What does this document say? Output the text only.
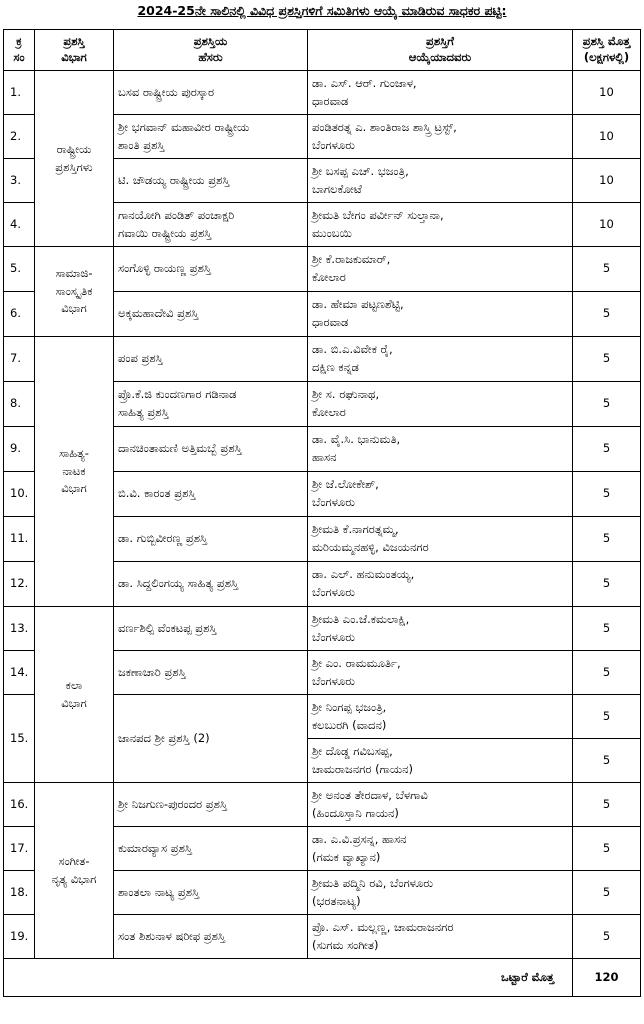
2024-25ನೇ ಸಾಲಿನಲ್ಲಿ ವಿವಿಧ ಪ್ರಶಸ್ತಿಗಳಿಗೆ ಸಮಿತಿಗಳು ಆಯ್ಕೆ ಮಾಡಿರುವ ಸಾಧಕರ ಪಟ್ಟಿ:
ಕ್ರ
ಸಂ	ಪ್ರಶಸ್ತಿ
ವಿಭಾಗ	ಪ್ರಶಸ್ತಿಯ
ಹೆಸರು	ಪ್ರಶಸ್ತಿಗೆ
ಆಯ್ಕೆಯಾದವರು	ಪ್ರಶಸ್ತಿ ಮೊತ್ತ
(ಲಕ್ಷಗಳಲ್ಲಿ)
1.	ರಾಷ್ಟ್ರೀಯ
ಪ್ರಶಸ್ತಿಗಳು	ಬಸವ ರಾಷ್ಟ್ರೀಯ ಪುರಸ್ಕಾರ	ಡಾ. ಎಸ್. ಆರ್. ಗುಂಜಾಳ,
ಧಾರವಾಡ	10
2.		ಶ್ರೀ ಭಗವಾನ್ ಮಹಾವೀರ ರಾಷ್ಟ್ರೀಯ
ಶಾಂತಿ ಪ್ರಶಸ್ತಿ	ಪಂಡಿತರತ್ನ ಎ. ಶಾಂತಿರಾಜ ಶಾಸ್ತ್ರಿ ಟ್ರಸ್ಟ್,
ಬೆಂಗಳೂರು	10
3.		ಟಿ. ಚೌಡಯ್ಯ ರಾಷ್ಟ್ರೀಯ ಪ್ರಶಸ್ತಿ	ಶ್ರೀ ಬಸಪ್ಪ ಎಚ್. ಭಜಂತ್ರಿ,
ಬಾಗಲಕೋಟೆ	10
4.		ಗಾನಯೋಗಿ ಪಂಡಿತ್ ಪಂಚಾಕ್ಷರಿ
ಗವಾಯಿ ರಾಷ್ಟ್ರೀಯ ಪ್ರಶಸ್ತಿ	ಶ್ರೀಮತಿ ಬೇಗಂ ಪರ್ವೀನ್ ಸುಲ್ತಾನಾ,
ಮುಂಬಯಿ	10
5.	ಸಾಮಾಜಿ-
ಸಾಂಸ್ಕೃತಿಕ
ವಿಭಾಗ	ಸಂಗೊಳ್ಳಿ ರಾಯಣ್ಣ ಪ್ರಶಸ್ತಿ	ಶ್ರೀ ಕೆ.ರಾಜಕುಮಾರ್,
ಕೋಲಾರ	5
6.		ಅಕ್ಕಮಹಾದೇವಿ ಪ್ರಶಸ್ತಿ	ಡಾ. ಹೇಮಾ ಪಟ್ಟಣಶೆಟ್ಟಿ,
ಧಾರವಾಡ	5
7.	ಸಾಹಿತ್ಯ-
ನಾಟಕ
ವಿಭಾಗ	ಪಂಪ ಪ್ರಶಸ್ತಿ	ಡಾ. ಬಿ.ಎ.ವಿವೇಕ ರೈ,
ದಕ್ಷಿಣ ಕನ್ನಡ	5
8.		ಪ್ರೊ.ಕೆ.ಜಿ ಕುಂದಣಗಾರ ಗಡಿನಾಡ
ಸಾಹಿತ್ಯ ಪ್ರಶಸ್ತಿ	ಶ್ರೀ ಸ. ರಘುನಾಥ,
ಕೋಲಾರ	5
9.		ದಾನಚಿಂತಾಮಣಿ ಅತ್ತಿಮಬ್ಬೆ ಪ್ರಶಸ್ತಿ	ಡಾ. ವೈ.ಸಿ. ಭಾನುಮತಿ,
ಹಾಸನ	5
10.		ಬಿ.ವಿ. ಕಾರಂತ ಪ್ರಶಸ್ತಿ	ಶ್ರೀ ಜೆ.ಲೋಕೇಶ್,
ಬೆಂಗಳೂರು	5
11.		ಡಾ. ಗುಬ್ಬಿವೀರಣ್ಣ ಪ್ರಶಸ್ತಿ	ಶ್ರೀಮತಿ ಕೆ.ನಾಗರತ್ನಮ್ಮ,
ಮರಿಯಮ್ಮನಹಳ್ಳಿ, ವಿಜಯನಗರ	5
12.		ಡಾ. ಸಿದ್ದಲಿಂಗಯ್ಯ ಸಾಹಿತ್ಯ ಪ್ರಶಸ್ತಿ	ಡಾ. ಎಲ್. ಹನುಮಂತಯ್ಯ,
ಬೆಂಗಳೂರು	5
13.	ಕಲಾ
ವಿಭಾಗ	ವರ್ಣಶಿಲ್ಪಿ ವೆಂಕಟಪ್ಪ ಪ್ರಶಸ್ತಿ	ಶ್ರೀಮತಿ ಎಂ.ಜೆ.ಕಮಲಾಕ್ಷಿ,
ಬೆಂಗಳೂರು	5
14.		ಜಕಣಾಚಾರಿ ಪ್ರಶಸ್ತಿ	ಶ್ರೀ ಎಂ. ರಾಮಮೂರ್ತಿ,
ಬೆಂಗಳೂರು	5
15.		ಜಾನಪದ ಶ್ರೀ ಪ್ರಶಸ್ತಿ (2)	ಶ್ರೀ ನಿಂಗಪ್ಪ ಭಜಂತ್ರಿ,
ಕಲಬುರಗಿ (ವಾದನ)	5
			ಶ್ರೀ ದೊಡ್ಡ ಗವಿಬಸಪ್ಪ,
ಚಾಮರಾಜನಗರ (ಗಾಯನ)	5
16.	ಸಂಗೀತ-
ನೃತ್ಯ ವಿಭಾಗ	ಶ್ರೀ ನಿಜಗುಣ-ಪುರಂದರ ಪ್ರಶಸ್ತಿ	ಶ್ರೀ ಅನಂತ ತೇರದಾಳ, ಬೆಳಗಾವಿ
(ಹಿಂದೂಸ್ತಾನಿ ಗಾಯನ)	5
17.		ಕುಮಾರವ್ಯಾಸ ಪ್ರಶಸ್ತಿ	ಡಾ. ಎ.ವಿ.ಪ್ರಸನ್ನ, ಹಾಸನ
(ಗಮಕ ವ್ಯಾಖ್ಯಾನ)	5
18.		ಶಾಂತಲಾ ನಾಟ್ಯ ಪ್ರಶಸ್ತಿ	ಶ್ರೀಮತಿ ಪದ್ಮಿನಿ ರವಿ, ಬೆಂಗಳೂರು
(ಭರತನಾಟ್ಯ)	5
19.		ಸಂತ ಶಿಶುನಾಳ ಷರೀಫ ಪ್ರಶಸ್ತಿ	ಪ್ರೊ. ಎಸ್. ಮಲ್ಲಣ್ಣ, ಚಾಮರಾಜನಗರ
(ಸುಗಮ ಸಂಗೀತ)	5
ಒಟ್ಟಾರೆ ಮೊತ್ತ				120
